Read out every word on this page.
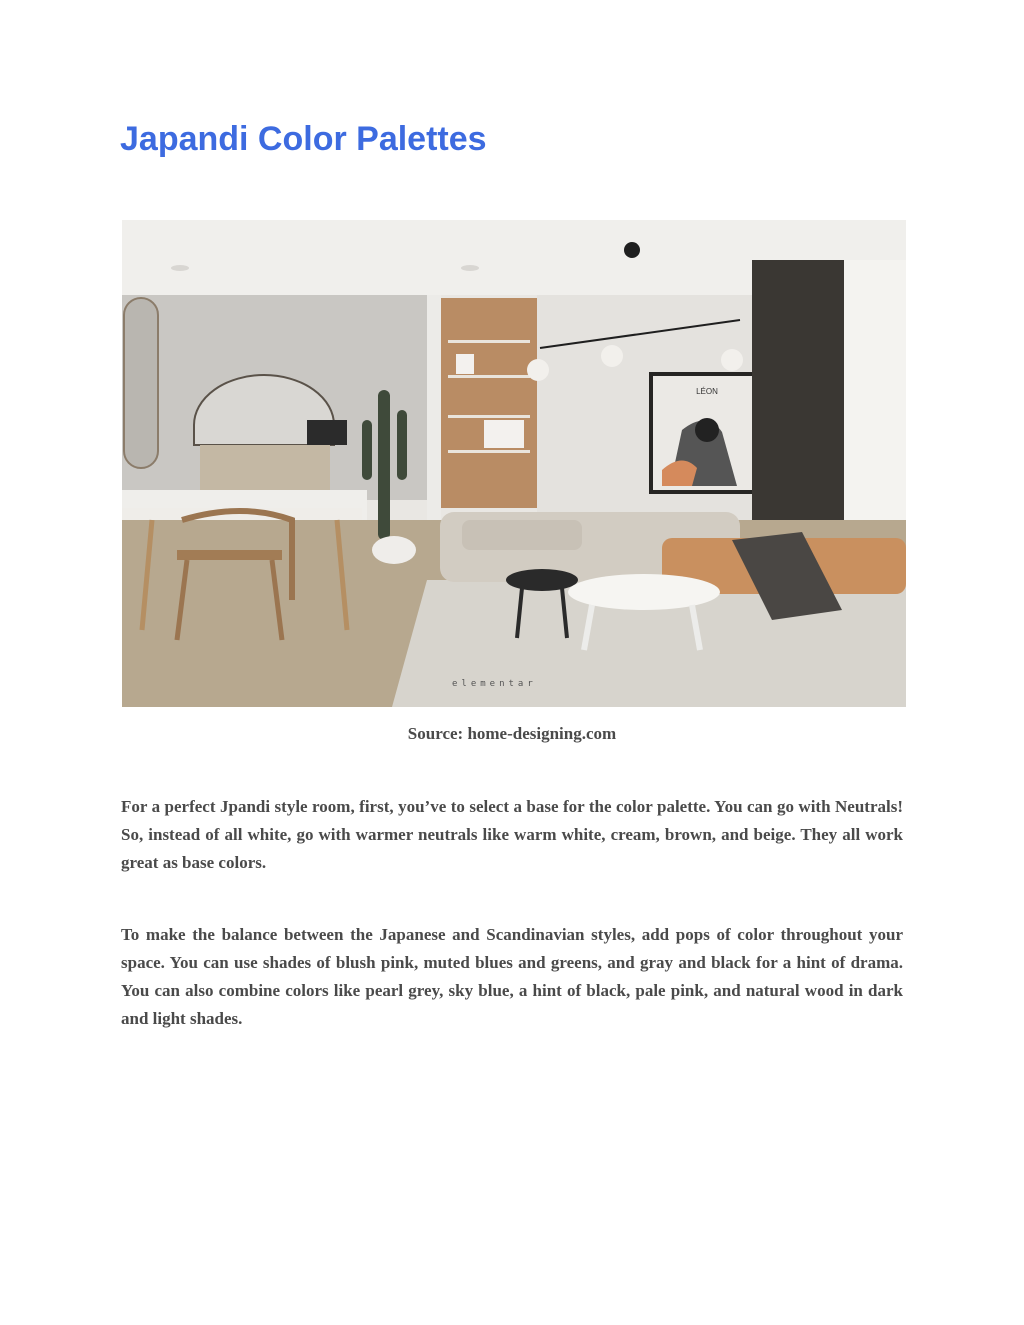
Japandi Color Palettes
LÉON
elementar

Source: home-designing.com

For a perfect Jpandi style room, first, you’ve to select a base for the color palette. You can go with Neutrals! So, instead of all white, go with warmer neutrals like warm white, cream, brown, and beige. They all work great as base colors.

To make the balance between the Japanese and Scandinavian styles, add pops of color throughout your space. You can use shades of blush pink, muted blues and greens, and gray and black for a hint of drama. You can also combine colors like pearl grey, sky blue, a hint of black, pale pink, and natural wood in dark and light shades.
